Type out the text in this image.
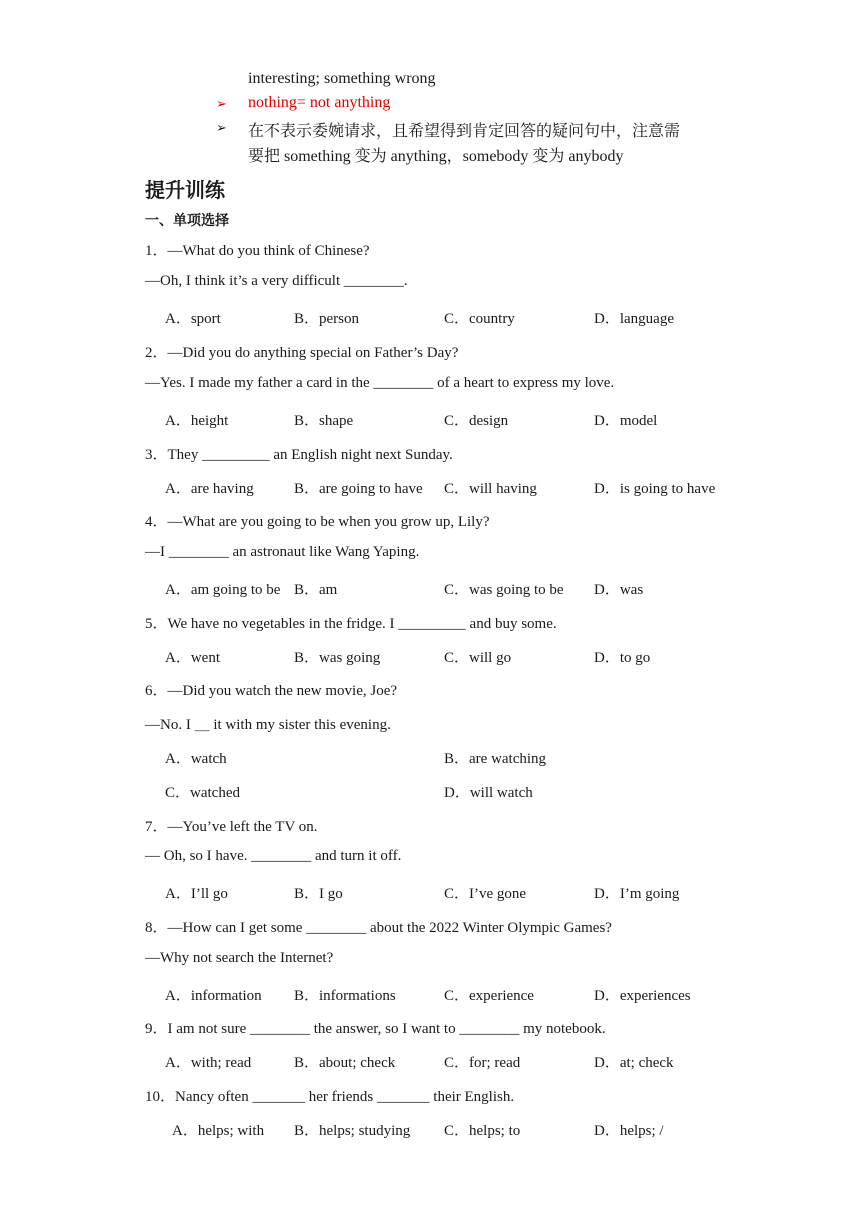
interesting; something wrong
➢ nothing= not anything
➢ 在不表示委婉请求，且希望得到肯定回答的疑问句中，注意需
要把 something 变为 anything，somebody 变为 anybody
提升训练
一、单项选择
1．—What do you think of Chinese?
—Oh, I think it’s a very difficult ________.
A．sport	B．person	C．country	D．language
2．—Did you do anything special on Father’s Day?
—Yes. I made my father a card in the ________ of a heart to express my love.
A．height	B．shape	C．design	D．model
3．They _________ an English night next Sunday.
A．are having	B．are going to have C．will having	D．is going to have
4．—What are you going to be when you grow up, Lily?
—I ________ an astronaut like Wang Yaping.
A．am going to be B．am	C．was going to be D．was
5．We have no vegetables in the fridge. I _________ and buy some.
A．went	B．was going	C．will go	D．to go
6．—Did you watch the new movie, Joe?
—No. I ＿ it with my sister this evening.
A．watch	B．are watching
C．watched	D．will watch
7．—You’ve left the TV on.
— Oh, so I have. ________ and turn it off.
A．I’ll go	B．I go	C．I’ve gone	D．I’m going
8．—How can I get some ________ about the 2022 Winter Olympic Games?
—Why not search the Internet?
A．information B．informations	C．experience	D．experiences
9．I am not sure ________ the answer, so I want to ________ my notebook.
A．with; read	B．about; check	C．for; read	D．at; check
10．Nancy often _______ her friends _______ their English.
A．helps; with B．helps; studying C．helps; to	D．helps; /
